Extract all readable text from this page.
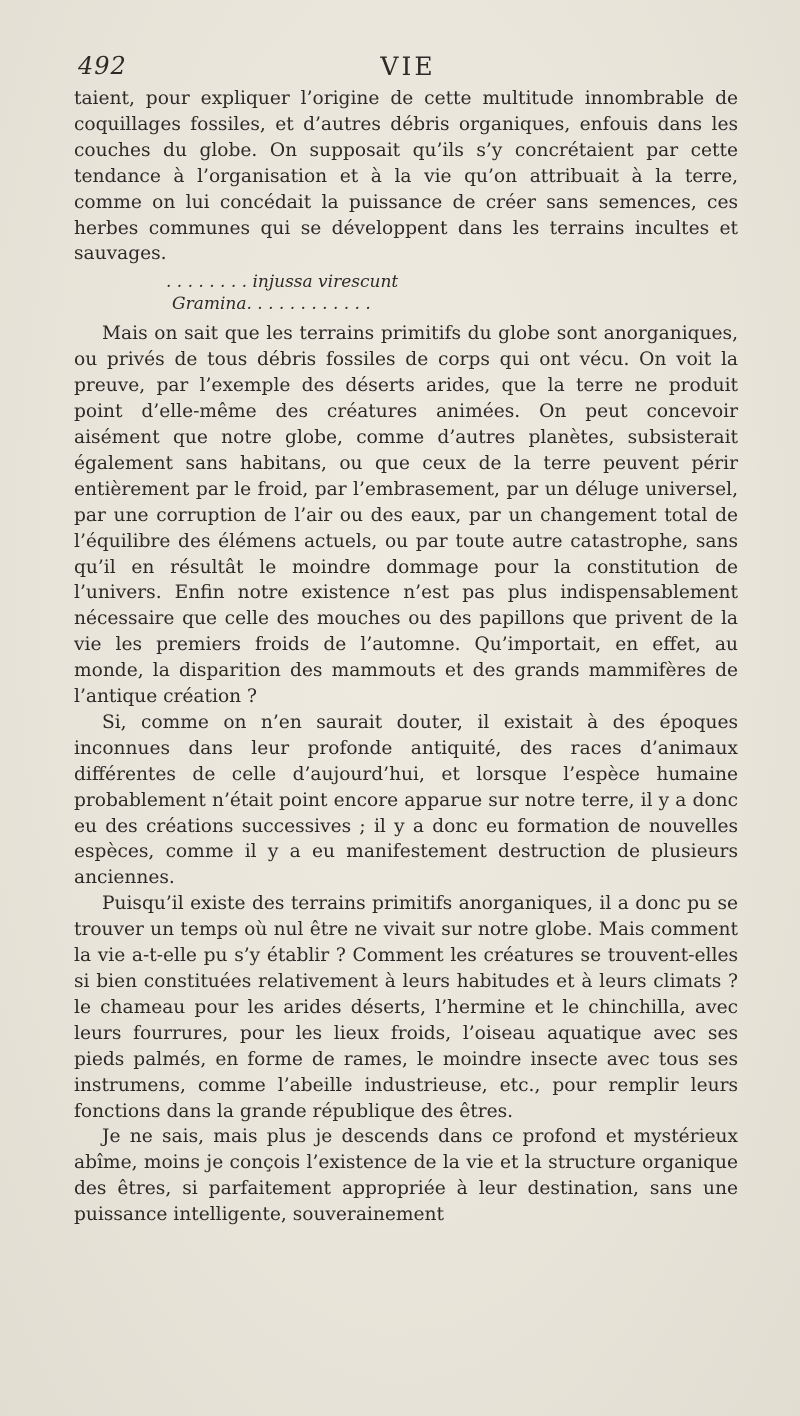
492	VIE

taient, pour expliquer l’origine de cette multitude innombrable de coquillages fossiles, et d’autres débris organiques, enfouis dans les couches du globe. On supposait qu’ils s’y concrétaient par cette tendance à l’organisation et à la vie qu’on attribuait à la terre, comme on lui concédait la puissance de créer sans semences, ces herbes communes qui se développent dans les terrains incultes et sauvages.

. . . . . . . . injussa virescunt

Gramina. . . . . . . . . . . .

Mais on sait que les terrains primitifs du globe sont anorganiques, ou privés de tous débris fossiles de corps qui ont vécu. On voit la preuve, par l’exemple des déserts arides, que la terre ne produit point d’elle-même des créatures animées. On peut concevoir aisément que notre globe, comme d’autres planètes, subsisterait également sans habitans, ou que ceux de la terre peuvent périr entièrement par le froid, par l’embrasement, par un déluge universel, par une corruption de l’air ou des eaux, par un changement total de l’équilibre des élémens actuels, ou par toute autre catastrophe, sans qu’il en résultât le moindre dommage pour la constitution de l’univers. Enfin notre existence n’est pas plus indispensablement nécessaire que celle des mouches ou des papillons que privent de la vie les premiers froids de l’automne. Qu’importait, en effet, au monde, la disparition des mammouts et des grands mammifères de l’antique création ?

Si, comme on n’en saurait douter, il existait à des époques inconnues dans leur profonde antiquité, des races d’animaux différentes de celle d’aujourd’hui, et lorsque l’espèce humaine probablement n’était point encore apparue sur notre terre, il y a donc eu des créations successives ; il y a donc eu formation de nouvelles espèces, comme il y a eu manifestement destruction de plusieurs anciennes.

Puisqu’il existe des terrains primitifs anorganiques, il a donc pu se trouver un temps où nul être ne vivait sur notre globe. Mais comment la vie a-t-elle pu s’y établir ? Comment les créatures se trouvent-elles si bien constituées relativement à leurs habitudes et à leurs climats ? le chameau pour les arides déserts, l’hermine et le chinchilla, avec leurs fourrures, pour les lieux froids, l’oiseau aquatique avec ses pieds palmés, en forme de rames, le moindre insecte avec tous ses instrumens, comme l’abeille industrieuse, etc., pour remplir leurs fonctions dans la grande république des êtres.

Je ne sais, mais plus je descends dans ce profond et mystérieux abîme, moins je conçois l’existence de la vie et la structure organique des êtres, si parfaitement appropriée à leur destination, sans une puissance intelligente, souverainement
